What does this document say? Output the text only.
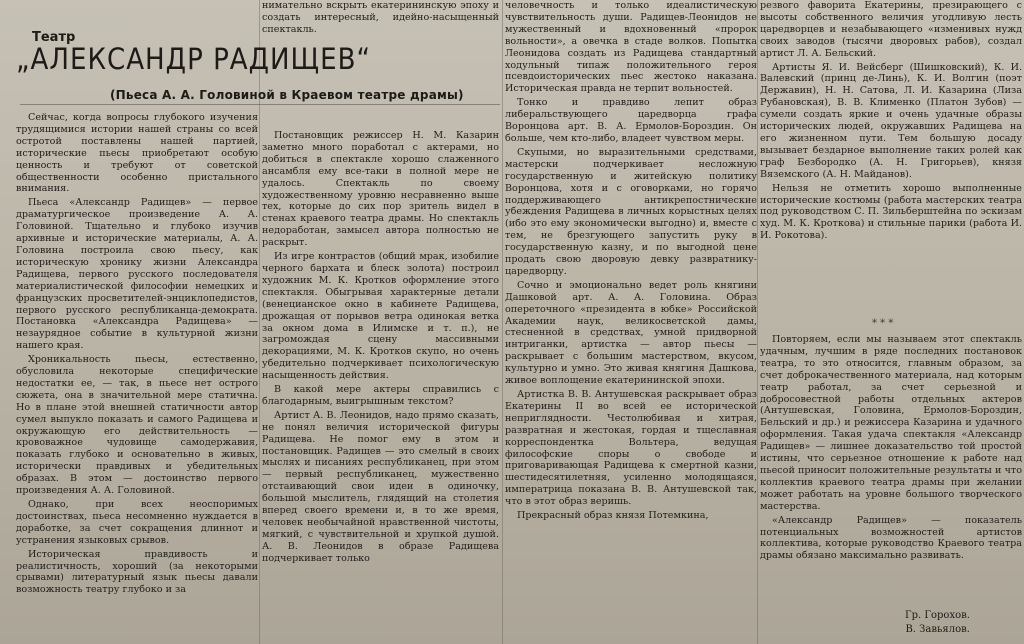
Театр
„АЛЕКСАНДР РАДИЩЕВ“
(Пьеса А. А. Головиной в Краевом театре драмы)

Сейчас, когда вопросы глубокого изучения трудящимися истории нашей страны со всей остротой поставлены нашей партией, исторические пьесы приобретают особую ценность и требуют от советской общественности особенно пристального внимания.

Пьеса «Александр Радищев» — первое драматургическое произведение А. А. Головиной. Тщательно и глубоко изучив архивные и исторические материалы, А. А. Головина построила свою пьесу, как историческую хронику жизни Александра Радищева, первого русского последователя материалистической философии немецких и французских просветителей-энциклопедистов, первого русского республиканца-демократа. Постановка «Александра Радищева» — незаурядное событие в культурной жизни нашего края.

Хроникальность пьесы, естественно, обусловила некоторые специфические недостатки ее, — так, в пьесе нет острого сюжета, она в значительной мере статична. Но в плане этой внешней статичности автор сумел выпукло показать и самого Радищева и окружающую его действительность — крововажное чудовище самодержавия, показать глубоко и основательно в живых, исторически правдивых и убедительных образах. В этом — достоинство первого произведения А. А. Головиной.

Однако, при всех неоспоримых достоинствах, пьеса несомненно нуждается в доработке, за счет сокращения длиннот и устранения языковых срывов.

Историческая правдивость и реалистичность, хороший (за некоторыми срывами) литературный язык пьесы давали возможность театру глубоко и за

нимательно вскрыть екатерининскую эпоху и создать интересный, идейно-насыщенный спектакль.

Постановщик режиссер Н. М. Казарин заметно много поработал с актерами, но добиться в спектакле хорошо слаженного ансамбля ему все-таки в полной мере не удалось. Спектакль по своему художественному уровню несравненно выше тех, которые до сих пор зритель видел в стенах краевого театра драмы. Но спектакль недоработан, замысел автора полностью не раскрыт.

Из игре контрастов (общий мрак, изобилие черного бархата и блеск золота) построил художник М. К. Кротков оформление этого спектакля. Обыгрывая характерные детали (венецианское окно в кабинете Радищева, дрожащая от порывов ветра одинокая ветка за окном дома в Илимске и т. п.), не загромождая сцену массивными декорациями, М. К. Кротков скупо, но очень убедительно подчеркивает психологическую насыщенность действия.

В какой мере актеры справились с благодарным, выигрышным текстом?

Артист А. В. Леонидов, надо прямо сказать, не понял величия исторической фигуры Радищева. Не помог ему в этом и постановщик. Радищев — это смелый в своих мыслях и писаниях республиканец, при этом — первый республиканец, мужественно отстаивающий свои идеи в одиночку, большой мыслитель, глядящий на столетия вперед своего времени и, в то же время, человек необычайной нравственной чистоты, мягкий, с чувствительной и хрупкой душой. А. В. Леонидов в образе Радищева подчеркивает только

человечность и только идеалистическую чувствительность души. Радищев-Леонидов не мужественный и вдохновенный «пророк вольности», а овечка в стаде волков. Попытка Леонидова создать из Радищева стандартный ходульный типаж положительного героя псевдоисторических пьес жестоко наказана. Историческая правда не терпит вольностей.

Тонко и правдиво лепит образ либеральствующего царедворца графа Воронцова арт. В. А. Ермолов-Бороздин. Он больше, чем кто-либо, владеет чувством меры.

Скупыми, но выразительными средствами, мастерски подчеркивает несложную государственную и житейскую политику Воронцова, хотя и с оговорками, но горячо поддерживающего антикрепостнические убеждения Радищева в личных корыстных целях (ибо это ему экономически выгодно) и, вместе с тем, не брезгующего запустить руку в государственную казну, и по выгодной цене продать свою дворовую девку развратнику-царедворцу.

Сочно и эмоционально ведет роль княгини Дашковой арт. А. А. Головина. Образ опереточного «президента в юбке» Российской Академии наук, великосветской дамы, стесненной в средствах, умной придворной интриганки, артистка — автор пьесы — раскрывает с большим мастерством, вкусом, культурно и умно. Это живая княгиня Дашкова, живое воплощение екатерининской эпохи.

Артистка В. В. Антушевская раскрывает образ Екатерины II во всей ее исторической неприглядности. Честолюбивая и хитрая, развратная и жестокая, гордая и тщеславная корреспондентка Вольтера, ведущая философские споры о свободе и приговаривающая Радищева к смертной казни, шестидесятилетняя, усиленно молодящаяся, императрица показана В. В. Антушевской так, что в этот образ веришь.

Прекрасный образ князя Потемкина,

резвого фаворита Екатерины, презирающего с высоты собственного величия угодливую лесть царедворцев и незабывающего «изменивых нужд своих заводов (тысячи дворовых рабов), создал артист Л. А. Бельский.

Артисты Я. И. Вейсберг (Шишковский), К. И. Валевский (принц де-Линь), К. И. Волгин (поэт Державин), Н. Н. Сатова, Л. И. Казарина (Лиза Рубановская), В. В. Клименко (Платон Зубов) — сумели создать яркие и очень удачные образы исторических людей, окружавших Радищева на его жизненном пути. Тем большую досаду вызывает бездарное выполнение таких ролей как граф Безбородко (А. Н. Григорьев), князя Вяземского (А. Н. Майданов).

Нельзя не отметить хорошо выполненные исторические костюмы (работа мастерских театра под руководством С. П. Зильберштейна по эскизам худ. М. К. Кроткова) и стильные парики (работа И. И. Рокотова).

* * *

Повторяем, если мы называем этот спектакль удачным, лучшим в ряде последних постановок театра, то это относится, главным образом, за счет доброкачественного материала, над которым театр работал, за счет серьезной и добросовестной работы отдельных актеров (Антушевская, Головина, Ермолов-Бороздин, Бельский и др.) и режиссера Казарина и удачного оформления. Такая удача спектакля «Александр Радищев» — лишнее доказательство той простой истины, что серьезное отношение к работе над пьесой приносит положительные результаты и что коллектив краевого театра драмы при желании может работать на уровне большого творческого мастерства.

«Александр Радищев» — показатель потенциальных возможностей артистов коллектива, которые руководство Краевого театра драмы обязано максимально развивать.

Гр. Горохов.
В. Завьялов.
